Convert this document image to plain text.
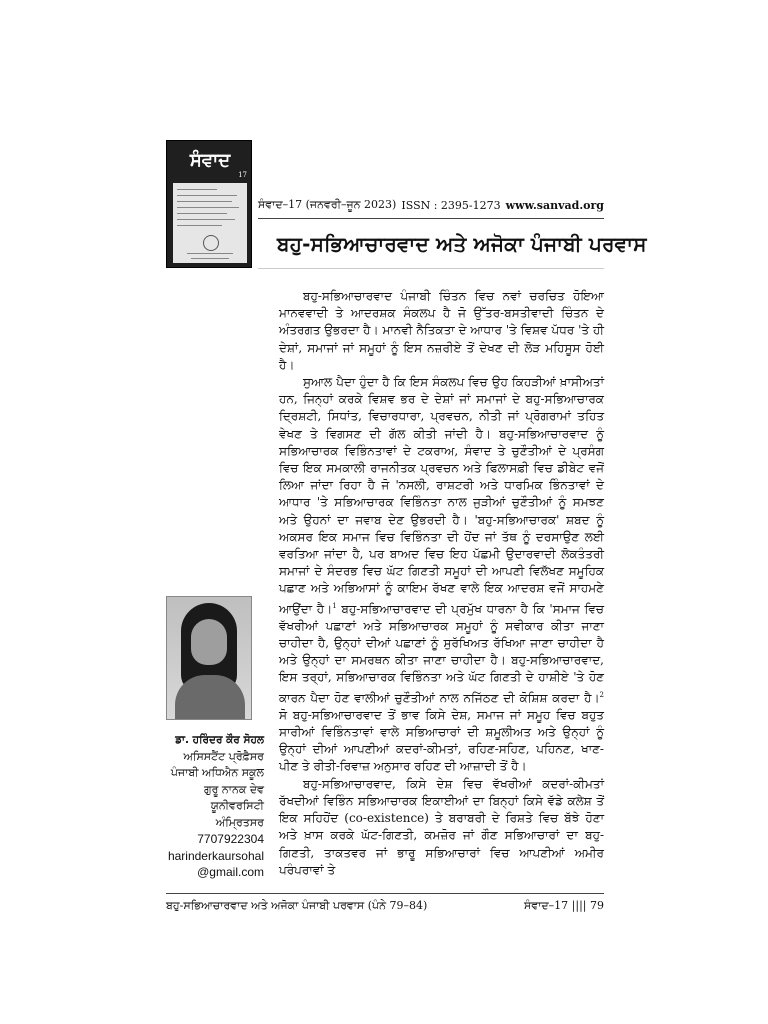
ਸੰਵਾਦ
17
ਸੰਵਾਦ–17 (ਜਨਵਰੀ–ਜੂਨ 2023) ISSN : 2395-1273 www.sanvad.org
ਬਹੁ-ਸਭਿਆਚਾਰਵਾਦ ਅਤੇ ਅਜੋਕਾ ਪੰਜਾਬੀ ਪਰਵਾਸ

ਬਹੁ-ਸਭਿਆਚਾਰਵਾਦ ਪੰਜਾਬੀ ਚਿੰਤਨ ਵਿਚ ਨਵਾਂ ਚਰਚਿਤ ਹੋਇਆ ਮਾਨਵਵਾਦੀ ਤੇ ਆਦਰਸ਼ਕ ਸੰਕਲਪ ਹੈ ਜੋ ਉੱਤਰ-ਬਸਤੀਵਾਦੀ ਚਿੰਤਨ ਦੇ ਅੰਤਰਗਤ ਉਭਰਦਾ ਹੈ। ਮਾਨਵੀ ਨੈਤਿਕਤਾ ਦੇ ਆਧਾਰ 'ਤੇ ਵਿਸ਼ਵ ਪੱਧਰ 'ਤੇ ਹੀ ਦੇਸ਼ਾਂ, ਸਮਾਜਾਂ ਜਾਂ ਸਮੂਹਾਂ ਨੂੰ ਇਸ ਨਜ਼ਰੀਏ ਤੋਂ ਦੇਖਣ ਦੀ ਲੋੜ ਮਹਿਸੂਸ ਹੋਈ ਹੈ।

ਸੁਆਲ ਪੈਦਾ ਹੁੰਦਾ ਹੈ ਕਿ ਇਸ ਸੰਕਲਪ ਵਿਚ ਉਹ ਕਿਹੜੀਆਂ ਖ਼ਾਸੀਅਤਾਂ ਹਨ, ਜਿਨ੍ਹਾਂ ਕਰਕੇ ਵਿਸ਼ਵ ਭਰ ਦੇ ਦੇਸ਼ਾਂ ਜਾਂ ਸਮਾਜਾਂ ਦੇ ਬਹੁ-ਸਭਿਆਚਾਰਕ ਦ੍ਰਿਸ਼ਟੀ, ਸਿਧਾਂਤ, ਵਿਚਾਰਧਾਰਾ, ਪ੍ਰਵਚਨ, ਨੀਤੀ ਜਾਂ ਪ੍ਰੋਗਰਾਮਾਂ ਤਹਿਤ ਵੇਖਣ ਤੇ ਵਿਗਸਣ ਦੀ ਗੱਲ ਕੀਤੀ ਜਾਂਦੀ ਹੈ। ਬਹੁ-ਸਭਿਆਚਾਰਵਾਦ ਨੂੰ ਸਭਿਆਚਾਰਕ ਵਿਭਿੰਨਤਾਵਾਂ ਦੇ ਟਕਰਾਅ, ਸੰਵਾਦ ਤੇ ਚੁਣੌਤੀਆਂ ਦੇ ਪ੍ਰਸੰਗ ਵਿਚ ਇਕ ਸਮਕਾਲੀ ਰਾਜਨੀਤਕ ਪ੍ਰਵਚਨ ਅਤੇ ਫਿਲਾਸਫ਼ੀ ਵਿਚ ਡੀਬੇਟ ਵਜੋਂ ਲਿਆ ਜਾਂਦਾ ਰਿਹਾ ਹੈ ਜੋ 'ਨਸਲੀ, ਰਾਸ਼ਟਰੀ ਅਤੇ ਧਾਰਮਿਕ ਭਿੰਨਤਾਵਾਂ ਦੇ ਆਧਾਰ 'ਤੇ ਸਭਿਆਚਾਰਕ ਵਿਭਿੰਨਤਾ ਨਾਲ ਜੁੜੀਆਂ ਚੁਣੌਤੀਆਂ ਨੂੰ ਸਮਝਣ ਅਤੇ ਉਹਨਾਂ ਦਾ ਜਵਾਬ ਦੇਣ ਉਭਰਦੀ ਹੈ। 'ਬਹੁ-ਸਭਿਆਚਾਰਕ' ਸ਼ਬਦ ਨੂੰ ਅਕਸਰ ਇਕ ਸਮਾਜ ਵਿਚ ਵਿਭਿੰਨਤਾ ਦੀ ਹੋਂਦ ਜਾਂ ਤੱਥ ਨੂੰ ਦਰਸਾਉਣ ਲਈ ਵਰਤਿਆ ਜਾਂਦਾ ਹੈ, ਪਰ ਬਾਅਦ ਵਿਚ ਇਹ ਪੱਛਮੀ ਉਦਾਰਵਾਦੀ ਲੋਕਤੰਤਰੀ ਸਮਾਜਾਂ ਦੇ ਸੰਦਰਭ ਵਿਚ ਘੱਟ ਗਿਣਤੀ ਸਮੂਹਾਂ ਦੀ ਆਪਣੀ ਵਿਲੱਖਣ ਸਮੂਹਿਕ ਪਛਾਣ ਅਤੇ ਅਭਿਆਸਾਂ ਨੂੰ ਕਾਇਮ ਰੱਖਣ ਵਾਲੇ ਇਕ ਆਦਰਸ਼ ਵਜੋਂ ਸਾਹਮਣੇ ਆਉਂਦਾ ਹੈ।$^1$ ਬਹੁ-ਸਭਿਆਚਾਰਵਾਦ ਦੀ ਪ੍ਰਮੁੱਖ ਧਾਰਨਾ ਹੈ ਕਿ 'ਸਮਾਜ ਵਿਚ ਵੱਖਰੀਆਂ ਪਛਾਣਾਂ ਅਤੇ ਸਭਿਆਚਾਰਕ ਸਮੂਹਾਂ ਨੂੰ ਸਵੀਕਾਰ ਕੀਤਾ ਜਾਣਾ ਚਾਹੀਦਾ ਹੈ, ਉਨ੍ਹਾਂ ਦੀਆਂ ਪਛਾਣਾਂ ਨੂੰ ਸੁਰੱਖਿਅਤ ਰੱਖਿਆ ਜਾਣਾ ਚਾਹੀਦਾ ਹੈ ਅਤੇ ਉਨ੍ਹਾਂ ਦਾ ਸਮਰਥਨ ਕੀਤਾ ਜਾਣਾ ਚਾਹੀਦਾ ਹੈ। ਬਹੁ-ਸਭਿਆਚਾਰਵਾਦ, ਇਸ ਤਰ੍ਹਾਂ, ਸਭਿਆਚਾਰਕ ਵਿਭਿੰਨਤਾ ਅਤੇ ਘੱਟ ਗਿਣਤੀ ਦੇ ਹਾਸ਼ੀਏ 'ਤੇ ਹੋਣ ਕਾਰਨ ਪੈਦਾ ਹੋਣ ਵਾਲੀਆਂ ਚੁਣੌਤੀਆਂ ਨਾਲ ਨਜਿੱਠਣ ਦੀ ਕੋਸ਼ਿਸ਼ ਕਰਦਾ ਹੈ।$^2$ ਸੋ ਬਹੁ-ਸਭਿਆਚਾਰਵਾਦ ਤੋਂ ਭਾਵ ਕਿਸੇ ਦੇਸ਼, ਸਮਾਜ ਜਾਂ ਸਮੂਹ ਵਿਚ ਬਹੁਤ ਸਾਰੀਆਂ ਵਿਭਿੰਨਤਾਵਾਂ ਵਾਲੇ ਸਭਿਆਚਾਰਾਂ ਦੀ ਸ਼ਮੂਲੀਅਤ ਅਤੇ ਉਨ੍ਹਾਂ ਨੂੰ ਉਨ੍ਹਾਂ ਦੀਆਂ ਆਪਣੀਆਂ ਕਦਰਾਂ-ਕੀਮਤਾਂ, ਰਹਿਣ-ਸਹਿਣ, ਪਹਿਨਣ, ਖਾਣ-ਪੀਣ ਤੇ ਰੀਤੀ-ਰਿਵਾਜ਼ ਅਨੁਸਾਰ ਰਹਿਣ ਦੀ ਆਜ਼ਾਦੀ ਤੋਂ ਹੈ।

ਬਹੁ-ਸਭਿਆਚਾਰਵਾਦ, ਕਿਸੇ ਦੇਸ਼ ਵਿਚ ਵੱਖਰੀਆਂ ਕਦਰਾਂ-ਕੀਮਤਾਂ ਰੱਖਦੀਆਂ ਵਿਭਿੰਨ ਸਭਿਆਚਾਰਕ ਇਕਾਈਆਂ ਦਾ ਬਿਨ੍ਹਾਂ ਕਿਸੇ ਵੱਡੇ ਕਲੇਸ਼ ਤੋਂ ਇਕ ਸਹਿਹੋਂਦ (co-existence) ਤੇ ਬਰਾਬਰੀ ਦੇ ਰਿਸ਼ਤੇ ਵਿਚ ਬੱਝੇ ਹੋਣਾ ਅਤੇ ਖ਼ਾਸ ਕਰਕੇ ਘੱਟ-ਗਿਣਤੀ, ਕਮਜ਼ੋਰ ਜਾਂ ਗੌਣ ਸਭਿਆਚਾਰਾਂ ਦਾ ਬਹੁ-ਗਿਣਤੀ, ਤਾਕਤਵਰ ਜਾਂ ਭਾਰੂ ਸਭਿਆਚਾਰਾਂ ਵਿਚ ਆਪਣੀਆਂ ਅਮੀਰ ਪਰੰਪਰਾਵਾਂ ਤੇ

ਡਾ. ਹਰਿੰਦਰ ਕੌਰ ਸੋਹਲ
ਅਸਿਸਟੈਂਟ ਪ੍ਰੋਫ਼ੈਸਰ
ਪੰਜਾਬੀ ਅਧਿਐਨ ਸਕੂਲ
ਗੁਰੂ ਨਾਨਕ ਦੇਵ
ਯੂਨੀਵਰਸਿਟੀ
ਅੰਮ੍ਰਿਤਸਰ
7707922304
harinderkaursohal
@gmail.com
ਬਹੁ-ਸਭਿਆਚਾਰਵਾਦ ਅਤੇ ਅਜੋਕਾ ਪੰਜਾਬੀ ਪਰਵਾਸ (ਪੰਨੇ 79–84)	ਸੰਵਾਦ–17 |||| 79
